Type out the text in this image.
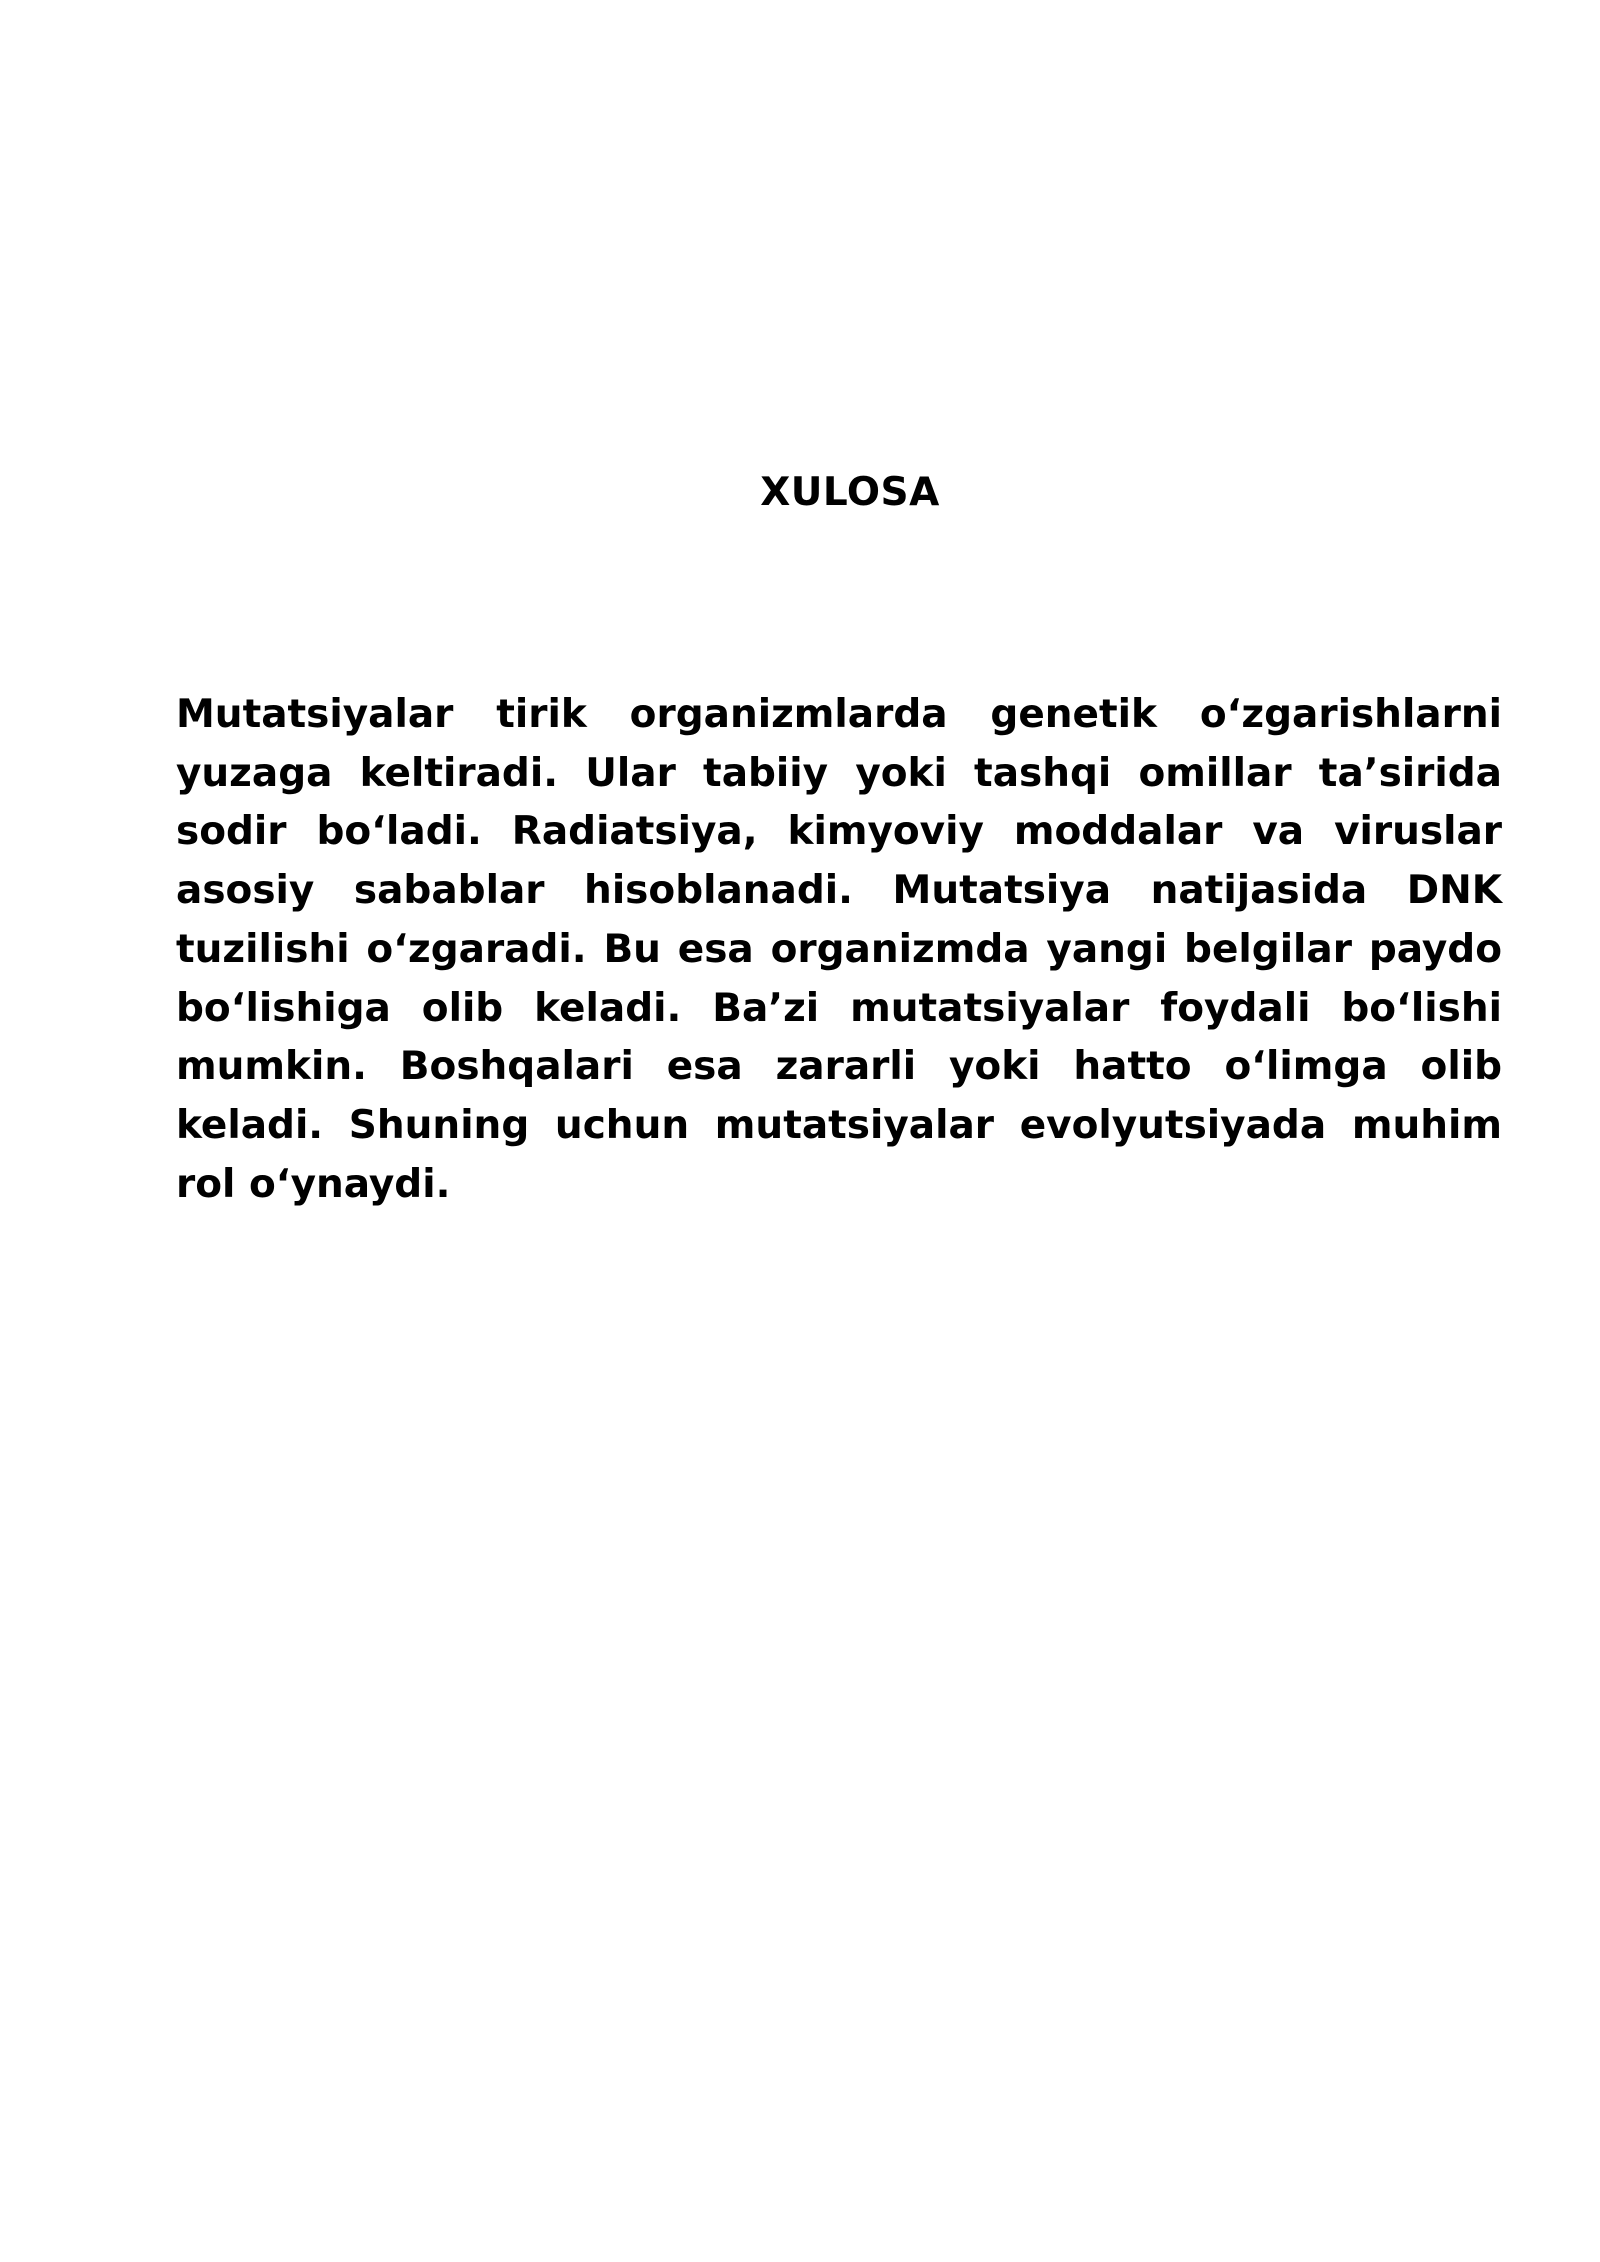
XULOSA

Mutatsiyalar tirik organizmlarda genetik o‘zgarishlarni yuzaga keltiradi. Ular tabiiy yoki tashqi omillar ta’sirida sodir bo‘ladi. Radiatsiya, kimyoviy moddalar va viruslar asosiy sabablar hisoblanadi. Mutatsiya natijasida DNK tuzilishi o‘zgaradi. Bu esa organizmda yangi belgilar paydo bo‘lishiga olib keladi. Ba’zi mutatsiyalar foydali bo‘lishi mumkin. Boshqalari esa zararli yoki hatto o‘limga olib keladi. Shuning uchun mutatsiyalar evolyutsiyada muhim rol o‘ynaydi.
